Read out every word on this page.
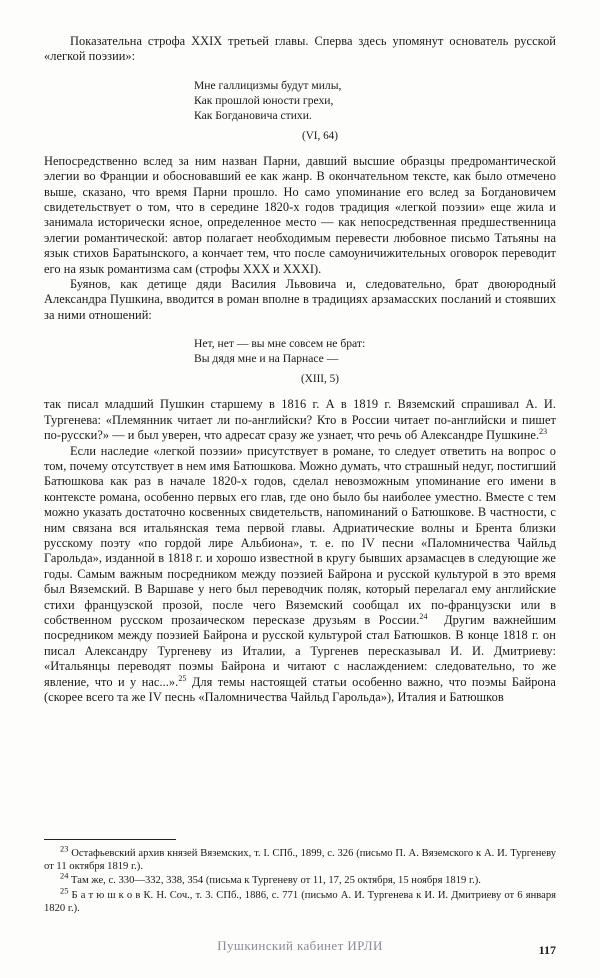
Показательна строфа XXIX третьей главы. Сперва здесь упомянут основатель русской «легкой поэзии»:

Мне галлицизмы будут милы,
Как прошлой юности грехи,
Как Богдановича стихи.
(VI, 64)

Непосредственно вслед за ним назван Парни, давший высшие образцы предромантической элегии во Франции и обосновавший ее как жанр. В окончательном тексте, как было отмечено выше, сказано, что время Парни прошло. Но само упоминание его вслед за Богдановичем свидетельствует о том, что в середине 1820-х годов традиция «легкой поэзии» еще жила и занимала исторически ясное, определенное место — как непосредственная предшественница элегии романтической: автор полагает необходимым перевести любовное письмо Татьяны на язык стихов Баратынского, а кончает тем, что после самоуничижительных оговорок переводит его на язык романтизма сам (строфы XXX и XXXI).

Буянов, как детище дяди Василия Львовича и, следовательно, брат двоюродный Александра Пушкина, вводится в роман вполне в традициях арзамасских посланий и стоявших за ними отношений:

Нет, нет — вы мне совсем не брат:
Вы дядя мне и на Парнасе —
(XIII, 5)

так писал младший Пушкин старшему в 1816 г. А в 1819 г. Вяземский спрашивал А. И. Тургенева: «Племянник читает ли по-английски? Кто в России читает по-английски и пишет по-русски?» — и был уверен, что адресат сразу же узнает, что речь об Александре Пушкине.$^{23}$

Если наследие «легкой поэзии» присутствует в романе, то следует ответить на вопрос о том, почему отсутствует в нем имя Батюшкова. Можно думать, что страшный недуг, постигший Батюшкова как раз в начале 1820-х годов, сделал невозможным упоминание его имени в контексте романа, особенно первых его глав, где оно было бы наиболее уместно. Вместе с тем можно указать достаточно косвенных свидетельств, напоминаний о Батюшкове. В частности, с ним связана вся итальянская тема первой главы. Адриатические волны и Брента близки русскому поэту «по гордой лире Альбиона», т. е. по IV песни «Паломничества Чайльд Гарольда», изданной в 1818 г. и хорошо известной в кругу бывших арзамасцев в следующие же годы. Самым важным посредником между поэзией Байрона и русской культурой в это время был Вяземский. В Варшаве у него был переводчик поляк, который перелагал ему английские стихи французской прозой, после чего Вяземский сообщал их по-французски или в собственном русском прозаическом пересказе друзьям в России.$^{24}$ Другим важнейшим посредником между поэзией Байрона и русской культурой стал Батюшков. В конце 1818 г. он писал Александру Тургеневу из Италии, а Тургенев пересказывал И. И. Дмитриеву: «Итальянцы переводят поэмы Байрона и читают с наслаждением: следовательно, то же явление, что и у нас...».$^{25}$ Для темы настоящей статьи особенно важно, что поэмы Байрона (скорее всего та же IV песнь «Паломничества Чайльд Гарольда»), Италия и Батюшков

$^{23}$ Остафьевский архив князей Вяземских, т. I. СПб., 1899, с. 326 (письмо П. А. Вяземского к А. И. Тургеневу от 11 октября 1819 г.).

$^{24}$ Там же, с. 330—332, 338, 354 (письма к Тургеневу от 11, 17, 25 октября, 15 ноября 1819 г.).

$^{25}$ Б а т ю ш к о в К. Н. Соч., т. 3. СПб., 1886, с. 771 (письмо А. И. Тургенева к И. И. Дмитриеву от 6 января 1820 г.).

Пушкинский кабинет ИРЛИ	117
